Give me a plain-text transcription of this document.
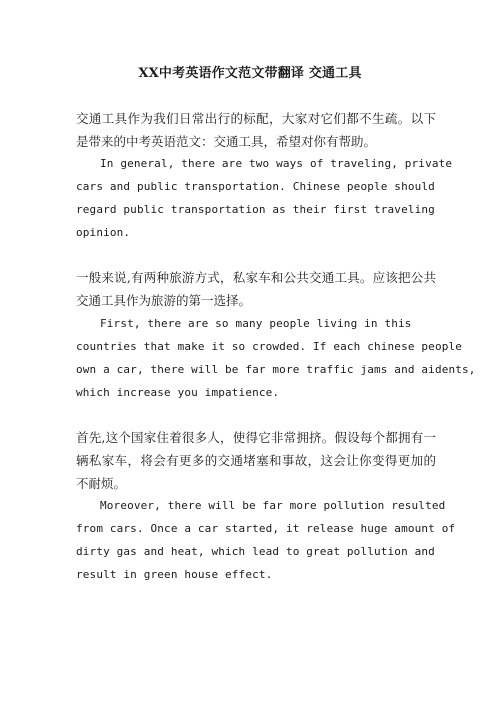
XX中考英语作文范文带翻译 交通工具
交通工具作为我们日常出行的标配，大家对它们都不生疏。以下是带来的中考英语范文：交通工具，希望对你有帮助。
In general, there are two ways of traveling, private
cars and public transportation. Chinese people should
regard public transportation as their first traveling
opinion.
一般来说,有两种旅游方式，私家车和公共交通工具。应该把公共交通工具作为旅游的第一选择。
First, there are so many people living in this
countries that make it so crowded. If each chinese people
own a car, there will be far more traffic jams and aidents,
which increase you impatience.
首先,这个国家住着很多人，使得它非常拥挤。假设每个都拥有一辆私家车，将会有更多的交通堵塞和事故，这会让你变得更加的不耐烦。
Moreover, there will be far more pollution resulted
from cars. Once a car started, it release huge amount of
dirty gas and heat, which lead to great pollution and
result in green house effect.
